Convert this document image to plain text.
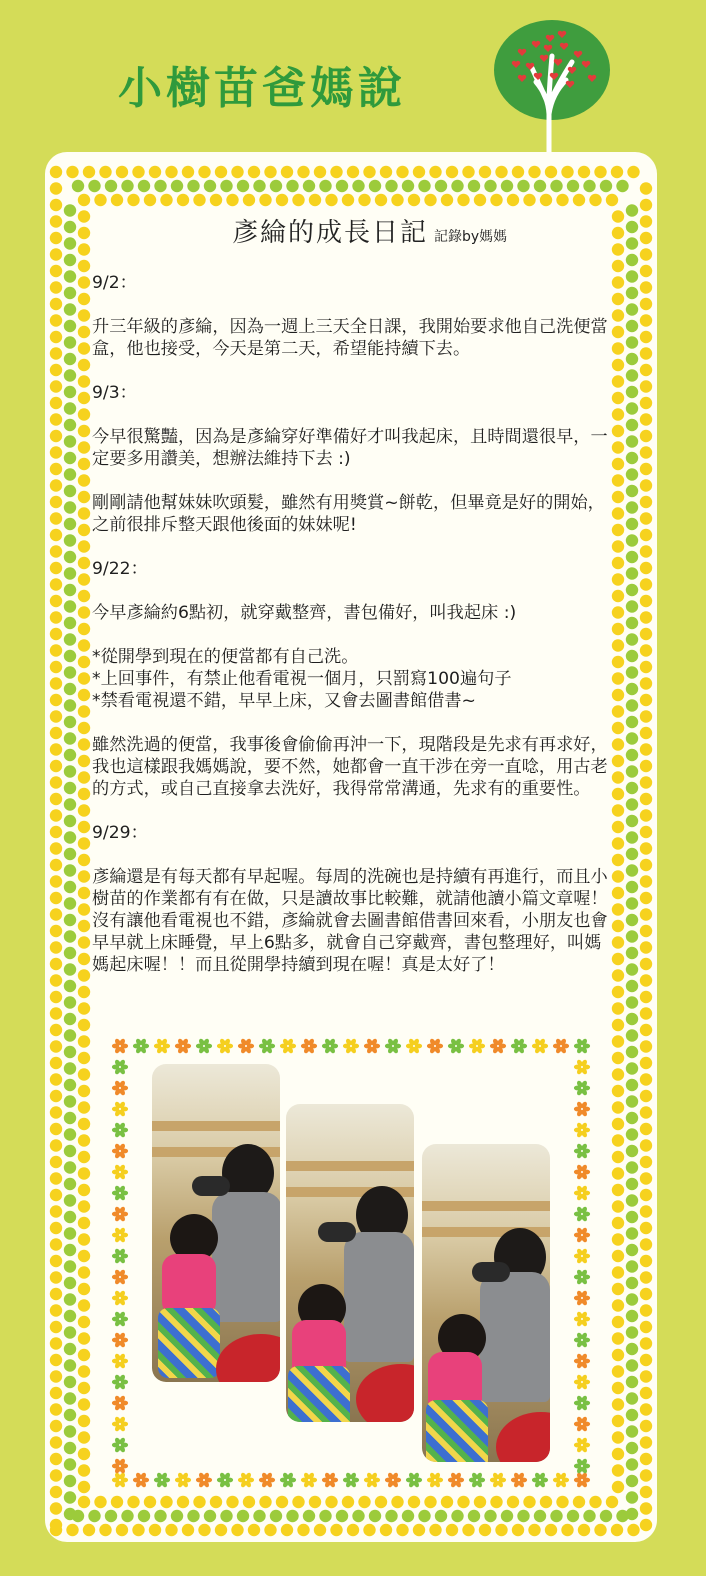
小樹苗爸媽說
彥綸的成長日記 記錄by媽媽

9/2：

升三年級的彥綸，因為一週上三天全日課，我開始要求他自己洗便當盒，他也接受，今天是第二天，希望能持續下去。

9/3：

今早很驚豔，因為是彥綸穿好準備好才叫我起床，且時間還很早，一定要多用讚美，想辦法維持下去 :)

剛剛請他幫妹妹吹頭髮，雖然有用獎賞~餅乾，但畢竟是好的開始，之前很排斥整天跟他後面的妹妹呢!

9/22：

今早彥綸約6點初，就穿戴整齊，書包備好，叫我起床 :)

*從開學到現在的便當都有自己洗。
*上回事件，有禁止他看電視一個月，只罰寫100遍句子
*禁看電視還不錯，早早上床，又會去圖書館借書~

雖然洗過的便當，我事後會偷偷再沖一下，現階段是先求有再求好，我也這樣跟我媽媽說，要不然，她都會一直干涉在旁一直唸，用古老的方式，或自己直接拿去洗好，我得常常溝通，先求有的重要性。

9/29：

彥綸還是有每天都有早起喔。每周的洗碗也是持續有再進行，而且小樹苗的作業都有有在做，只是讀故事比較難，就請他讀小篇文章喔！
沒有讓他看電視也不錯，彥綸就會去圖書館借書回來看，小朋友也會早早就上床睡覺，早上6點多，就會自己穿戴齊，書包整理好，叫媽媽起床喔！！而且從開學持續到現在喔！真是太好了！
